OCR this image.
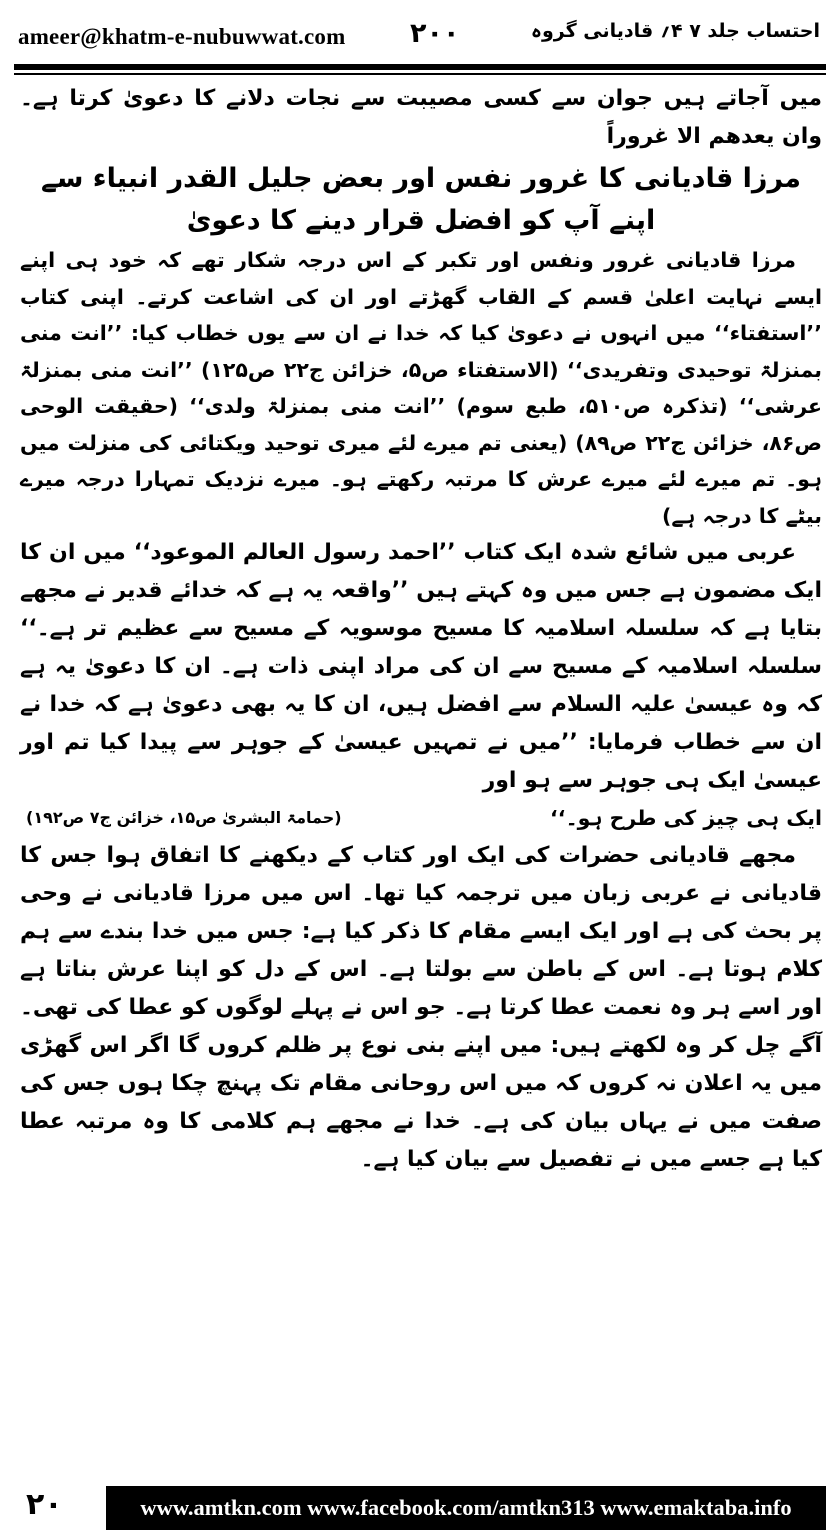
ameer@khatm-e-nubuwwat.com ۲۰۰	احتساب جلد ۷ ۴؍ قادیانی گروہ

میں آجاتے ہیں جوان سے کسی مصیبت سے نجات دلانے کا دعویٰ کرتا ہے۔ وان یعدھم الا غروراً

مرزا قادیانی کا غرور نفس اور بعض جلیل القدر انبیاء سے
اپنے آپ کو افضل قرار دینے کا دعویٰ

مرزا قادیانی غرور ونفس اور تکبر کے اس درجہ شکار تھے کہ خود ہی اپنے ایسے نہایت اعلیٰ قسم کے القاب گھڑتے اور ان کی اشاعت کرتے۔ اپنی کتاب ’’استفتاء‘‘ میں انہوں نے دعویٰ کیا کہ خدا نے ان سے یوں خطاب کیا: ’’انت منی بمنزلۃ توحیدی وتفریدی‘‘ (الاستفتاء ص۵، خزائن ج۲۲ ص۱۲۵) ’’انت منی بمنزلۃ عرشی‘‘ (تذکرہ ص۵۱۰، طبع سوم) ’’انت منی بمنزلۃ ولدی‘‘ (حقیقت الوحی ص۸۶، خزائن ج۲۲ ص۸۹) (یعنی تم میرے لئے میری توحید ویکتائی کی منزلت میں ہو۔ تم میرے لئے میرے عرش کا مرتبہ رکھتے ہو۔ میرے نزدیک تمہارا درجہ میرے بیٹے کا درجہ ہے)

عربی میں شائع شدہ ایک کتاب ’’احمد رسول العالم الموعود‘‘ میں ان کا ایک مضمون ہے جس میں وہ کہتے ہیں ’’واقعہ یہ ہے کہ خدائے قدیر نے مجھے بتایا ہے کہ سلسلہ اسلامیہ کا مسیح موسویہ کے مسیح سے عظیم تر ہے۔‘‘ سلسلہ اسلامیہ کے مسیح سے ان کی مراد اپنی ذات ہے۔ ان کا دعویٰ یہ ہے کہ وہ عیسیٰ علیہ السلام سے افضل ہیں، ان کا یہ بھی دعویٰ ہے کہ خدا نے ان سے خطاب فرمایا: ’’میں نے تمہیں عیسیٰ کے جوہر سے پیدا کیا تم اور عیسیٰ ایک ہی جوہر سے ہو اور

ایک ہی چیز کی طرح ہو۔‘‘
(حمامۃ البشریٰ ص۱۵، خزائن ج۷ ص۱۹۲)

مجھے قادیانی حضرات کی ایک اور کتاب کے دیکھنے کا اتفاق ہوا جس کا قادیانی نے عربی زبان میں ترجمہ کیا تھا۔ اس میں مرزا قادیانی نے وحی پر بحث کی ہے اور ایک ایسے مقام کا ذکر کیا ہے: جس میں خدا بندے سے ہم کلام ہوتا ہے۔ اس کے باطن سے بولتا ہے۔ اس کے دل کو اپنا عرش بناتا ہے اور اسے ہر وہ نعمت عطا کرتا ہے۔ جو اس نے پہلے لوگوں کو عطا کی تھی۔ آگے چل کر وہ لکھتے ہیں: میں اپنے بنی نوع پر ظلم کروں گا اگر اس گھڑی میں یہ اعلان نہ کروں کہ میں اس روحانی مقام تک پہنچ چکا ہوں جس کی صفت میں نے یہاں بیان کی ہے۔ خدا نے مجھے ہم کلامی کا وہ مرتبہ عطا کیا ہے جسے میں نے تفصیل سے بیان کیا ہے۔

۲۰	www.amtkn.com www.facebook.com/amtkn313 www.emaktaba.info
